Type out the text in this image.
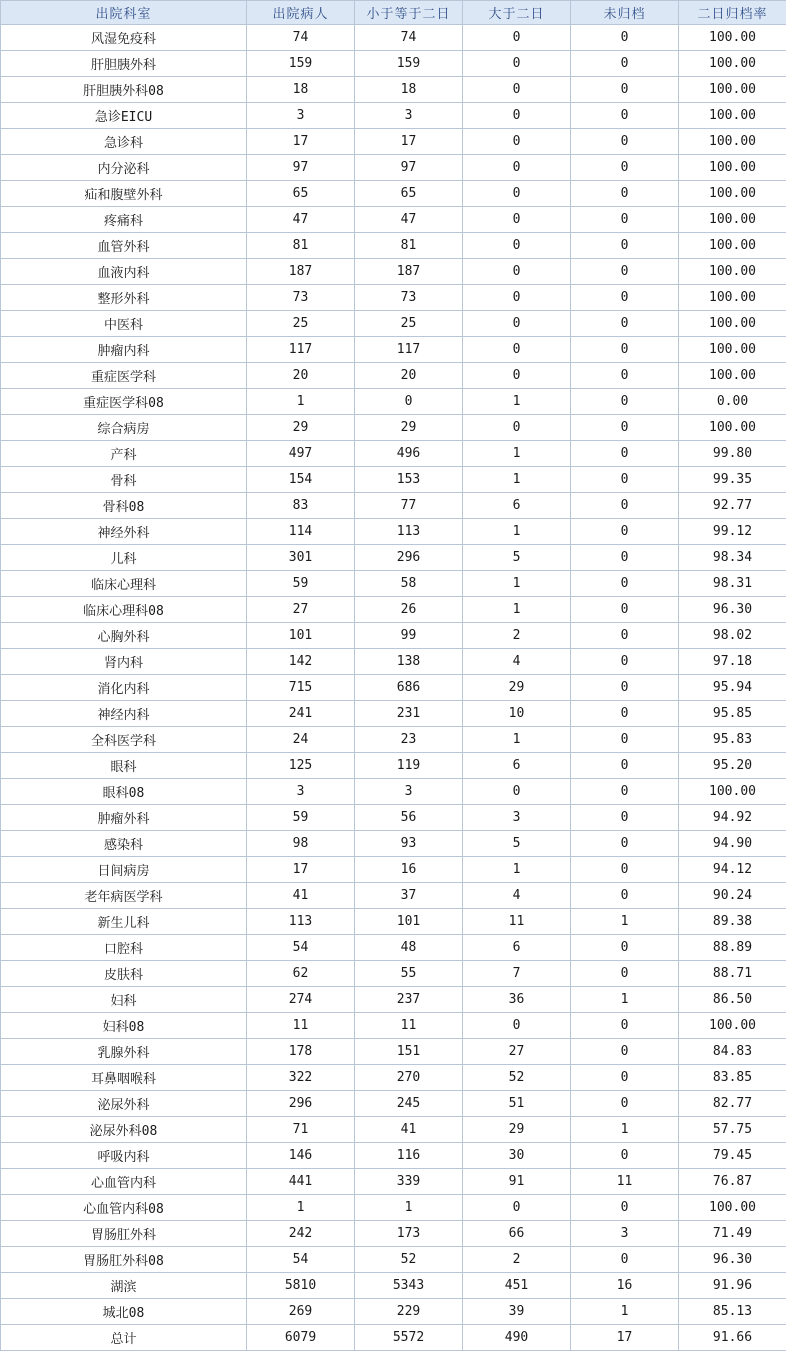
出院科室	出院病人	小于等于二日	大于二日	未归档	二日归档率
风湿免疫科	74	74	0	0	100.00
肝胆胰外科	159	159	0	0	100.00
肝胆胰外科08	18	18	0	0	100.00
急诊EICU	3	3	0	0	100.00
急诊科	17	17	0	0	100.00
内分泌科	97	97	0	0	100.00
疝和腹壁外科	65	65	0	0	100.00
疼痛科	47	47	0	0	100.00
血管外科	81	81	0	0	100.00
血液内科	187	187	0	0	100.00
整形外科	73	73	0	0	100.00
中医科	25	25	0	0	100.00
肿瘤内科	117	117	0	0	100.00
重症医学科	20	20	0	0	100.00
重症医学科08	1	0	1	0	0.00
综合病房	29	29	0	0	100.00
产科	497	496	1	0	99.80
骨科	154	153	1	0	99.35
骨科08	83	77	6	0	92.77
神经外科	114	113	1	0	99.12
儿科	301	296	5	0	98.34
临床心理科	59	58	1	0	98.31
临床心理科08	27	26	1	0	96.30
心胸外科	101	99	2	0	98.02
肾内科	142	138	4	0	97.18
消化内科	715	686	29	0	95.94
神经内科	241	231	10	0	95.85
全科医学科	24	23	1	0	95.83
眼科	125	119	6	0	95.20
眼科08	3	3	0	0	100.00
肿瘤外科	59	56	3	0	94.92
感染科	98	93	5	0	94.90
日间病房	17	16	1	0	94.12
老年病医学科	41	37	4	0	90.24
新生儿科	113	101	11	1	89.38
口腔科	54	48	6	0	88.89
皮肤科	62	55	7	0	88.71
妇科	274	237	36	1	86.50
妇科08	11	11	0	0	100.00
乳腺外科	178	151	27	0	84.83
耳鼻咽喉科	322	270	52	0	83.85
泌尿外科	296	245	51	0	82.77
泌尿外科08	71	41	29	1	57.75
呼吸内科	146	116	30	0	79.45
心血管内科	441	339	91	11	76.87
心血管内科08	1	1	0	0	100.00
胃肠肛外科	242	173	66	3	71.49
胃肠肛外科08	54	52	2	0	96.30
湖滨	5810	5343	451	16	91.96
城北08	269	229	39	1	85.13
总计	6079	5572	490	17	91.66
